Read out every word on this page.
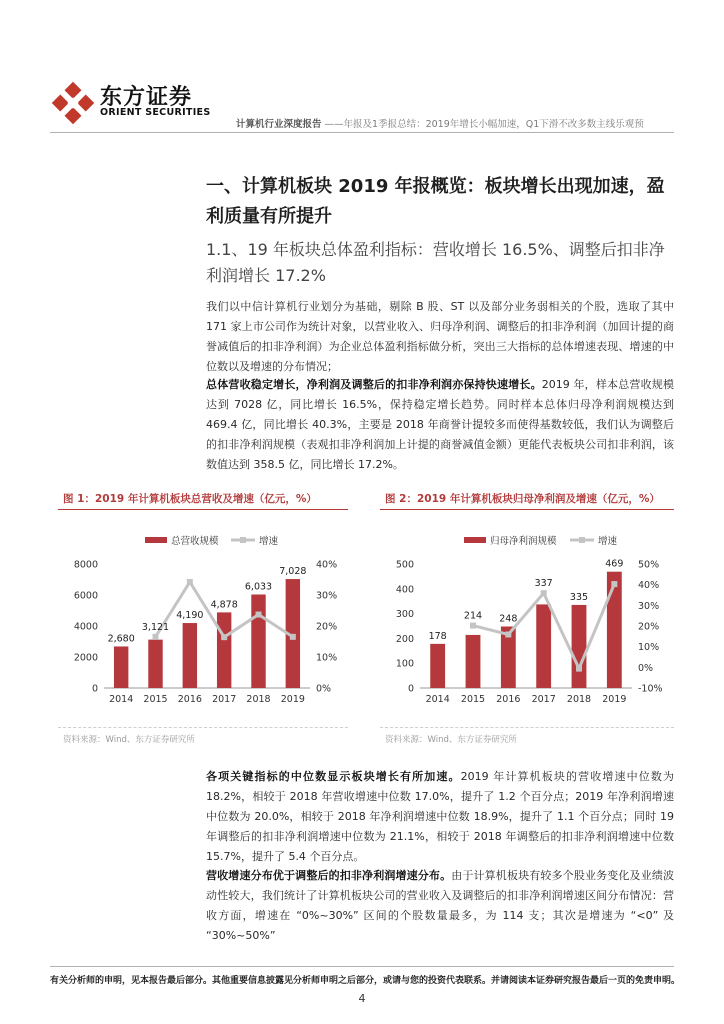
东方证券
ORIENT SECURITIES
计算机行业深度报告 ——年报及1季报总结：2019年增长小幅加速，Q1下滑不改多数主线乐观预
一、计算机板块 2019 年报概览：板块增长出现加速，盈利质量有所提升
1.1、19 年板块总体盈利指标：营收增长 16.5%、调整后扣非净利润增长 17.2%
我们以中信计算机行业划分为基础，剔除 B 股、ST 以及部分业务弱相关的个股，选取了其中 171 家上市公司作为统计对象，以营业收入、归母净利润、调整后的扣非净利润（加回计提的商誉减值后的扣非净利润）为企业总体盈利指标做分析，突出三大指标的总体增速表现、增速的中位数以及增速的分布情况；
总体营收稳定增长，净利润及调整后的扣非净利润亦保持快速增长。2019 年，样本总营收规模达到 7028 亿，同比增长 16.5%，保持稳定增长趋势。同时样本总体归母净利润规模达到 469.4 亿，同比增长 40.3%，主要是 2018 年商誉计提较多而使得基数较低，我们认为调整后的扣非净利润规模（表观扣非净利润加上计提的商誉减值金额）更能代表板块公司扣非利润，该数值达到 358.5 亿，同比增长 17.2%。
图 1：2019 年计算机板块总营收及增速（亿元，%）
总营收规模	增速
0
2000
4000
6000
8000
0%
10%
20%
30%
40%
2014 2015 2016 2017 2018 2019
2,680
3,121
4,190
4,878
6,033
7,028
资料来源：Wind、东方证券研究所
图 2：2019 年计算机板块归母净利润及增速（亿元，%）
归母净利润规模	增速
0
100
200
300
400
500
-10%
0%
10%
20%
30%
40%
50%
2014 2015 2016 2017 2018 2019
178
214 248
337
335
469
资料来源：Wind、东方证券研究所
各项关键指标的中位数显示板块增长有所加速。2019 年计算机板块的营收增速中位数为 18.2%，相较于 2018 年营收增速中位数 17.0%，提升了 1.2 个百分点；2019 年净利润增速中位数为 20.0%，相较于 2018 年净利润增速中位数 18.9%，提升了 1.1 个百分点；同时 19 年调整后的扣非净利润增速中位数为 21.1%，相较于 2018 年调整后的扣非净利润增速中位数 15.7%，提升了 5.4 个百分点。
营收增速分布优于调整后的扣非净利润增速分布。由于计算机板块有较多个股业务变化及业绩波动性较大，我们统计了计算机板块公司的营业收入及调整后的扣非净利润增速区间分布情况：营收方面，增速在 “0%~30%” 区间的个股数量最多，为 114 支；其次是增速为 “<0” 及 “30%~50%”
有关分析师的申明，见本报告最后部分。其他重要信息披露见分析师申明之后部分，或请与您的投资代表联系。并请阅读本证券研究报告最后一页的免责申明。
4
